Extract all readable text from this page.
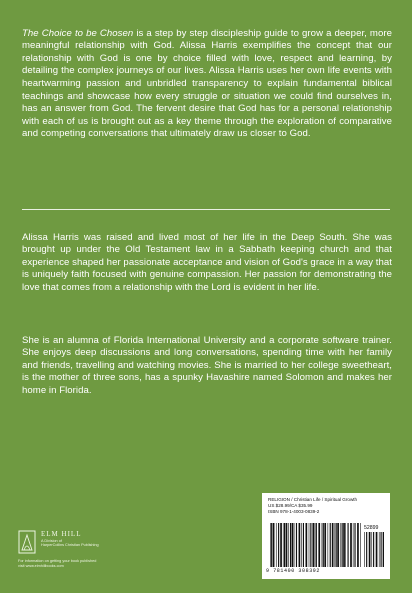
The Choice to be Chosen is a step by step discipleship guide to grow a deeper, more meaningful relationship with God. Alissa Harris exemplifies the concept that our relationship with God is one by choice filled with love, respect and learning, by detailing the complex journeys of our lives. Alissa Harris uses her own life events with heartwarming passion and unbridled transparency to explain fundamental biblical teachings and showcase how every struggle or situation we could find ourselves in, has an answer from God. The fervent desire that God has for a personal relationship with each of us is brought out as a key theme through the exploration of comparative and competing conversations that ultimately draw us closer to God.

Alissa Harris was raised and lived most of her life in the Deep South. She was brought up under the Old Testament law in a Sabbath keeping church and that experience shaped her passionate acceptance and vision of God's grace in a way that is uniquely faith focused with genuine compassion. Her passion for demonstrating the love that comes from a relationship with the Lord is evident in her life.

She is an alumna of Florida International University and a corporate software trainer. She enjoys deep discussions and long conversations, spending time with her family and friends, travelling and watching movies. She is married to her college sweetheart, is the mother of three sons, has a spunky Havashire named Solomon and makes her home in Florida.

ELM HILL
A Division of
HarperCollins Christian Publishing
For information on getting your book published
visit www.elmhillbooks.com
RELIGION / Christian Life / Spiritual Growth
US $28.99/CA $35.99
ISBN 978-1-4003-0839-2
52899
9 781400 308392
